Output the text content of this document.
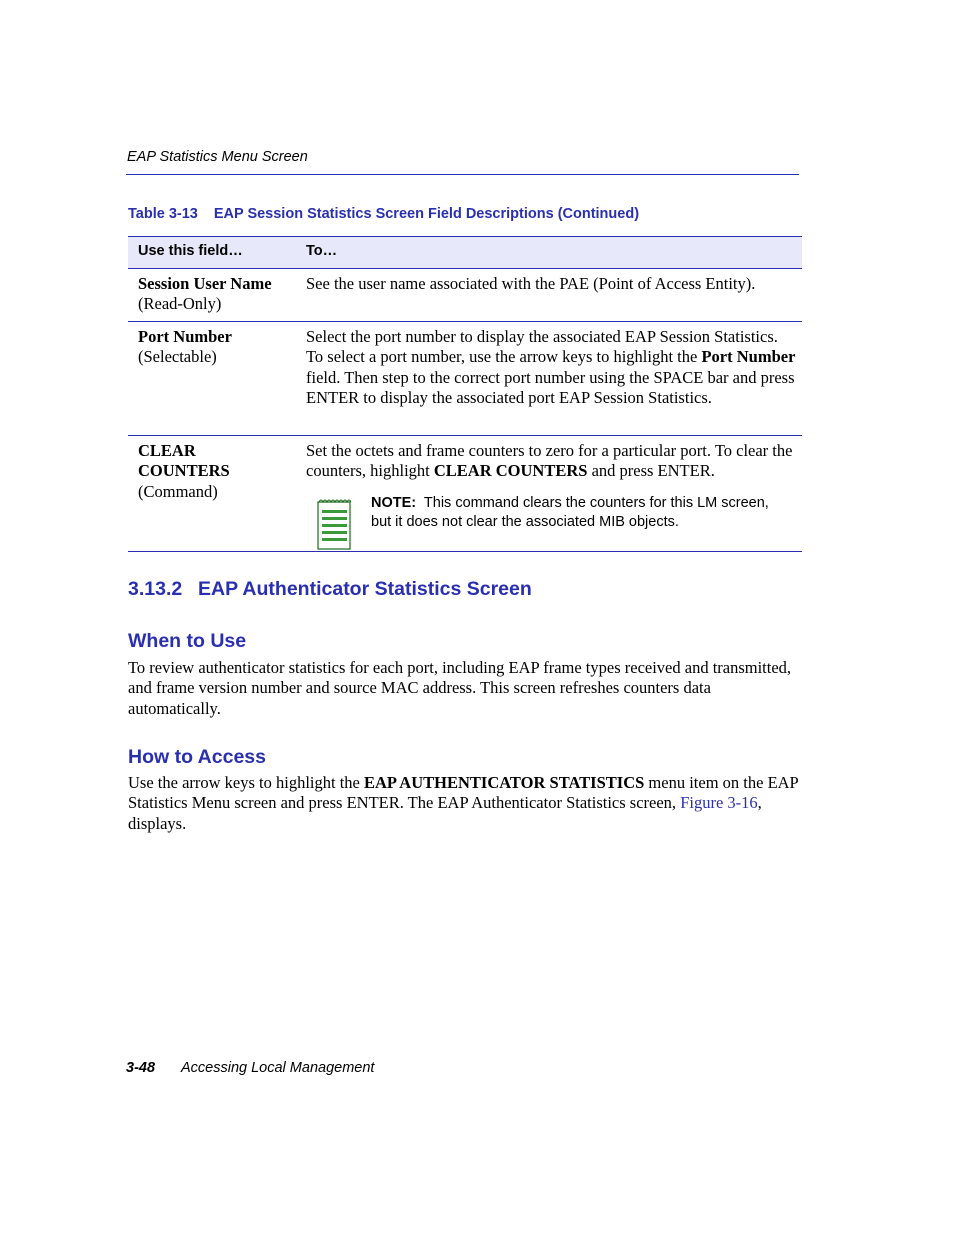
EAP Statistics Menu Screen
Table 3-13 EAP Session Statistics Screen Field Descriptions (Continued)
Use this field…	To…
Session User Name
(Read-Only)
See the user name associated with the PAE (Point of Access Entity).
Port Number
(Selectable)
Select the port number to display the associated EAP Session Statistics. To select a port number, use the arrow keys to highlight the Port Number field. Then step to the correct port number using the SPACE bar and press ENTER to display the associated port EAP Session Statistics.
CLEAR
COUNTERS
(Command)
Set the octets and frame counters to zero for a particular port. To clear the counters, highlight CLEAR COUNTERS and press ENTER.
NOTE: This command clears the counters for this LM screen, but it does not clear the associated MIB objects.
3.13.2 EAP Authenticator Statistics Screen
When to Use
To review authenticator statistics for each port, including EAP frame types received and transmitted, and frame version number and source MAC address. This screen refreshes counters data automatically.
How to Access
Use the arrow keys to highlight the EAP AUTHENTICATOR STATISTICS menu item on the EAP Statistics Menu screen and press ENTER. The EAP Authenticator Statistics screen, Figure 3-16, displays.
3-48 Accessing Local Management
